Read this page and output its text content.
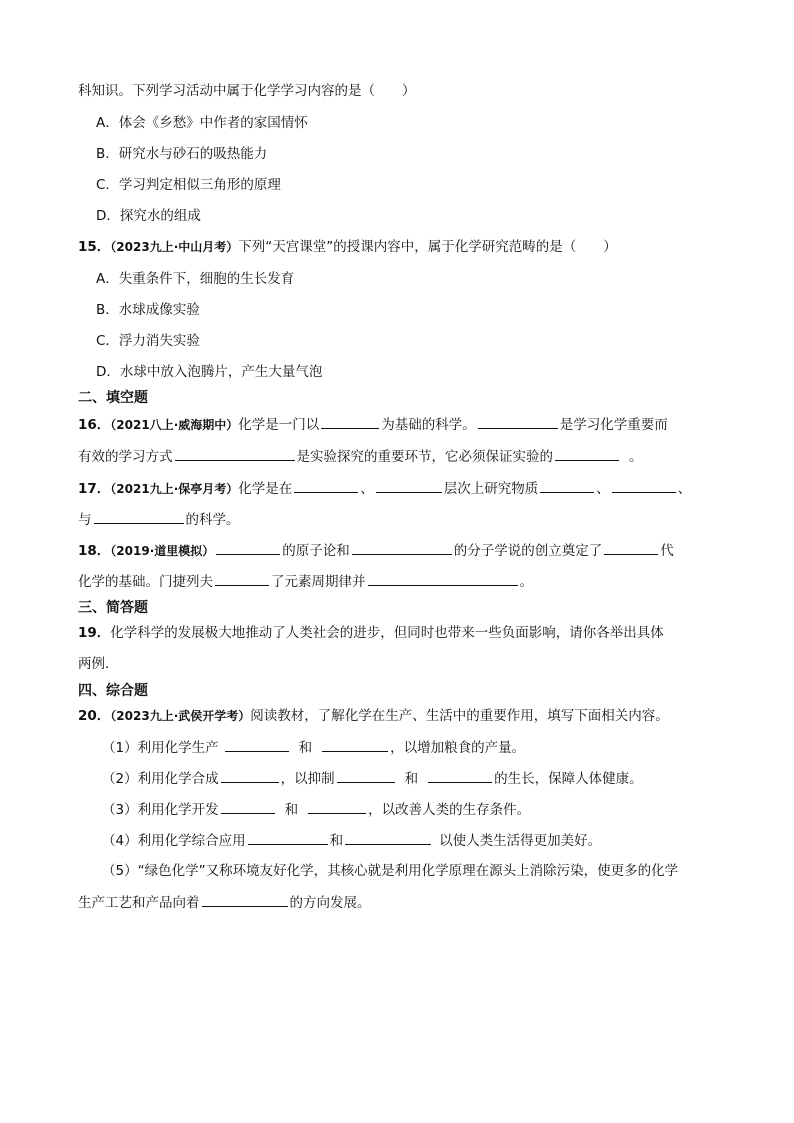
科知识。下列学习活动中属于化学学习内容的是（　　）
A．体会《乡愁》中作者的家国情怀
B．研究水与砂石的吸热能力
C．学习判定相似三角形的原理
D．探究水的组成
15．（2023九上·中山月考）下列“天宫课堂”的授课内容中，属于化学研究范畴的是（　　）
A．失重条件下，细胞的生长发育
B．水球成像实验
C．浮力消失实验
D．水球中放入泡腾片，产生大量气泡
二、填空题
16．（2021八上·威海期中）化学是一门以	为基础的科学。	是学习化学重要而
有效的学习方式	是实验探究的重要环节，它必须保证实验的	。
17．（2021九上·保亭月考）化学是在	、	层次上研究物质	、	、
与	的科学。
18．（2019·道里模拟）	的原子论和	的分子学说的创立奠定了	代
化学的基础。门捷列夫	了元素周期律并	。
三、简答题
19．化学科学的发展极大地推动了人类社会的进步，但同时也带来一些负面影响，请你各举出具体
两例．
四、综合题
20．（2023九上·武侯开学考）阅读教材，了解化学在生产、生活中的重要作用，填写下面相关内容。
（1）利用化学生产	和	，以增加粮食的产量。
（2）利用化学合成	，以抑制	和	的生长，保障人体健康。
（3）利用化学开发	和	，以改善人类的生存条件。
（4）利用化学综合应用	和	以使人类生活得更加美好。
（5）“绿色化学”又称环境友好化学，其核心就是利用化学原理在源头上消除污染，使更多的化学
生产工艺和产品向着	的方向发展。
